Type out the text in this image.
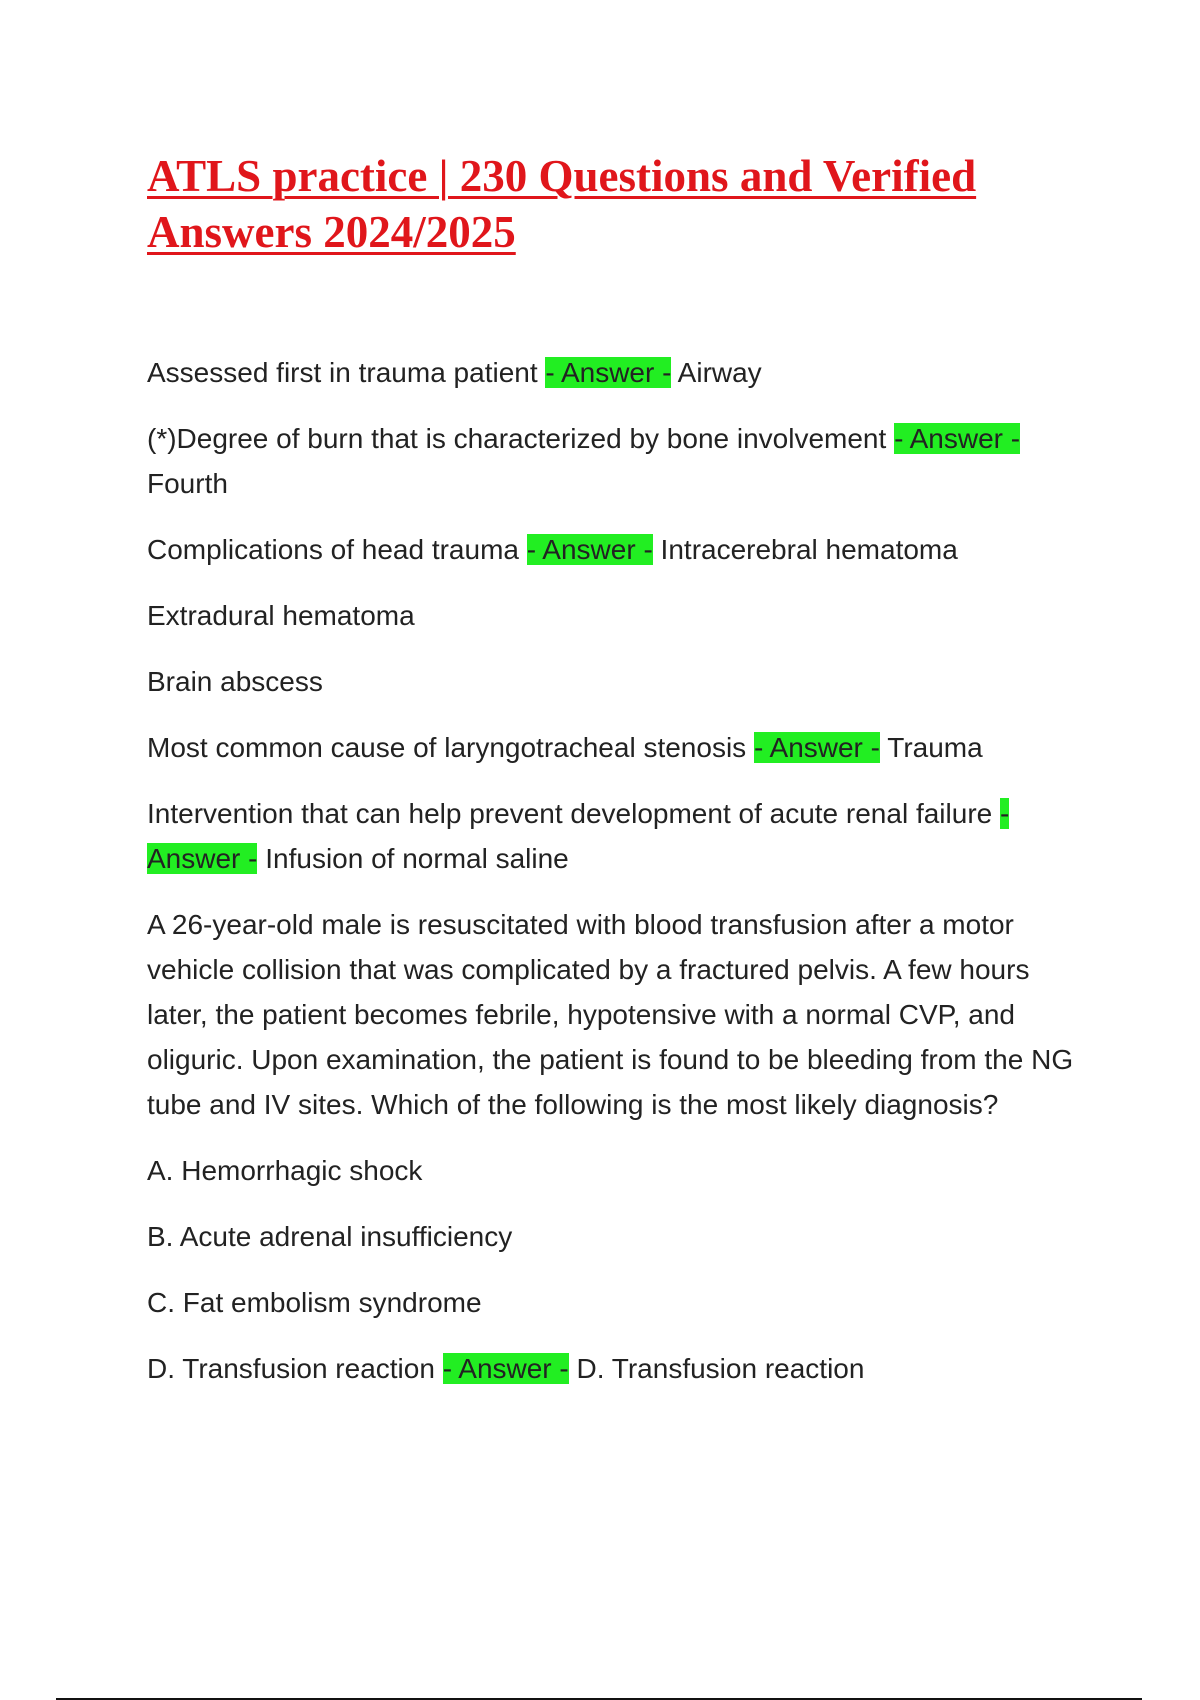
ATLS practice | 230 Questions and Verified Answers 2024/2025

Assessed first in trauma patient - Answer - Airway

(*)Degree of burn that is characterized by bone involvement - Answer -
Fourth

Complications of head trauma - Answer - Intracerebral hematoma

Extradural hematoma

Brain abscess

Most common cause of laryngotracheal stenosis - Answer - Trauma

Intervention that can help prevent development of acute renal failure - Answer - Infusion of normal saline

A 26-year-old male is resuscitated with blood transfusion after a motor vehicle collision that was complicated by a fractured pelvis. A few hours later, the patient becomes febrile, hypotensive with a normal CVP, and oliguric. Upon examination, the patient is found to be bleeding from the NG tube and IV sites. Which of the following is the most likely diagnosis?

A. Hemorrhagic shock

B. Acute adrenal insufficiency

C. Fat embolism syndrome

D. Transfusion reaction - Answer - D. Transfusion reaction
